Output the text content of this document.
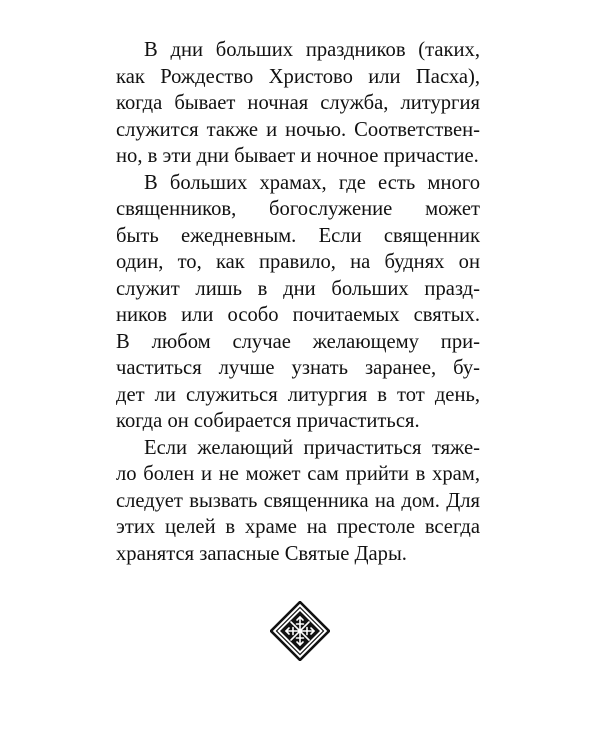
В дни больших праздников (таких,
как Рождество Христово или Пасха),
когда бывает ночная служба, литургия
служится также и ночью. Соответствен-
но, в эти дни бывает и ночное причастие.
В больших храмах, где есть много
священников, богослужение может
быть ежедневным. Если священник
один, то, как правило, на буднях он
служит лишь в дни больших празд-
ников или особо почитаемых святых.
В любом случае желающему при-
частиться лучше узнать заранее, бу-
дет ли служиться литургия в тот день,
когда он собирается причаститься.
Если желающий причаститься тяже-
ло болен и не может сам прийти в храм,
следует вызвать священника на дом. Для
этих целей в храме на престоле всегда
хранятся запасные Святые Дары.
